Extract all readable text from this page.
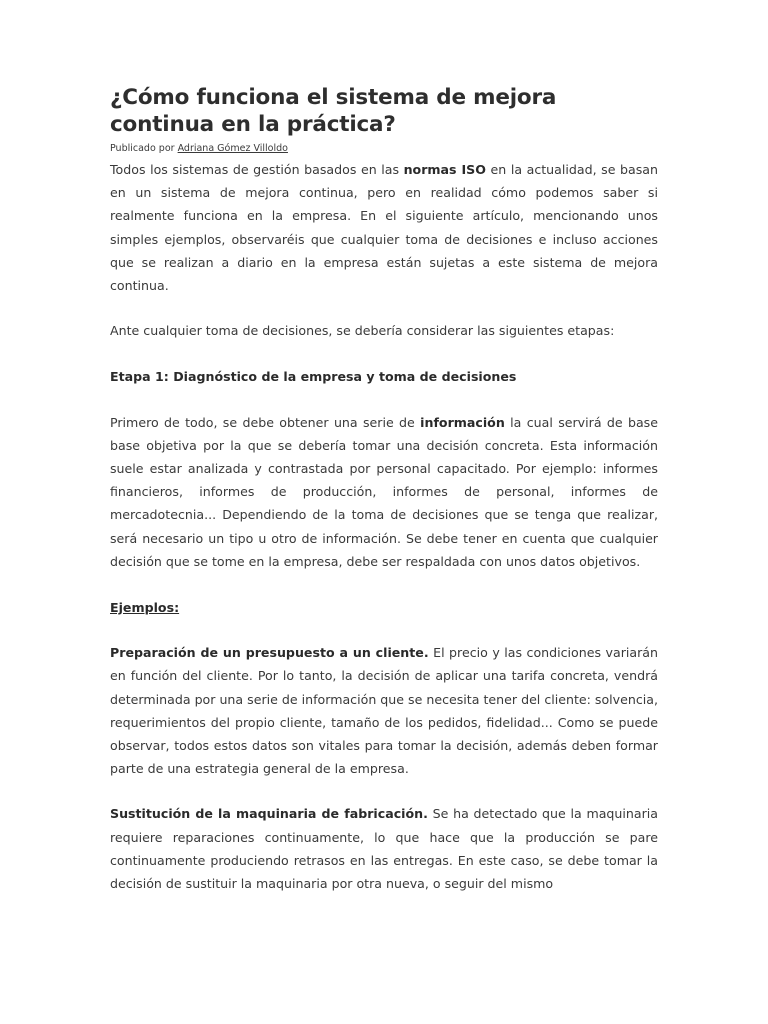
¿Cómo funciona el sistema de mejora continua en la práctica?
Publicado por Adriana Gómez Villoldo

Todos los sistemas de gestión basados en las normas ISO en la actualidad, se basan en un sistema de mejora continua, pero en realidad cómo podemos saber si realmente funciona en la empresa. En el siguiente artículo, mencionando unos simples ejemplos, observaréis que cualquier toma de decisiones e incluso acciones que se realizan a diario en la empresa están sujetas a este sistema de mejora continua.

Ante cualquier toma de decisiones, se debería considerar las siguientes etapas:

Etapa 1: Diagnóstico de la empresa y toma de decisiones

Primero de todo, se debe obtener una serie de información la cual servirá de base base objetiva por la que se debería tomar una decisión concreta. Esta información suele estar analizada y contrastada por personal capacitado. Por ejemplo: informes financieros, informes de producción, informes de personal, informes de mercadotecnia... Dependiendo de la toma de decisiones que se tenga que realizar, será necesario un tipo u otro de información. Se debe tener en cuenta que cualquier decisión que se tome en la empresa, debe ser respaldada con unos datos objetivos.

Ejemplos:

Preparación de un presupuesto a un cliente. El precio y las condiciones variarán en función del cliente. Por lo tanto, la decisión de aplicar una tarifa concreta, vendrá determinada por una serie de información que se necesita tener del cliente: solvencia, requerimientos del propio cliente, tamaño de los pedidos, fidelidad... Como se puede observar, todos estos datos son vitales para tomar la decisión, además deben formar parte de una estrategia general de la empresa.

Sustitución de la maquinaria de fabricación. Se ha detectado que la maquinaria requiere reparaciones continuamente, lo que hace que la producción se pare continuamente produciendo retrasos en las entregas. En este caso, se debe tomar la decisión de sustituir la maquinaria por otra nueva, o seguir del mismo
